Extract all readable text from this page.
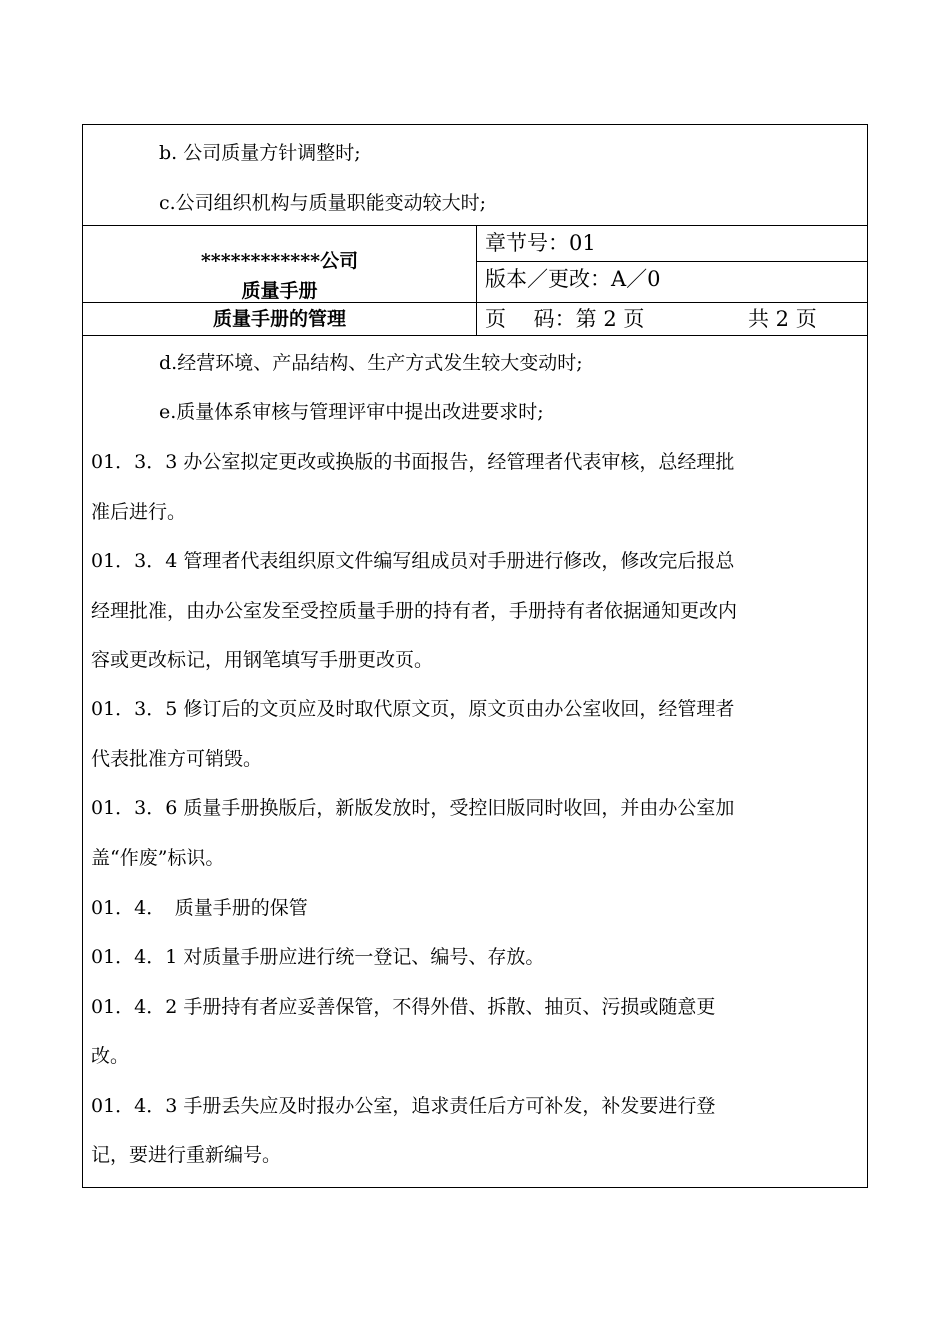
b. 公司质量方针调整时;
c.公司组织机构与质量职能变动较大时;
************公司
质量手册
质量手册的管理
章节号：01
版本／更改：A／0
页　 码：第 2 页	共 2 页
d.经营环境、产品结构、生产方式发生较大变动时;
e.质量体系审核与管理评审中提出改进要求时;
01．3．3 办公室拟定更改或换版的书面报告，经管理者代表审核，总经理批
准后进行。
01．3．4 管理者代表组织原文件编写组成员对手册进行修改，修改完后报总
经理批准，由办公室发至受控质量手册的持有者，手册持有者依据通知更改内
容或更改标记，用钢笔填写手册更改页。
01．3．5 修订后的文页应及时取代原文页，原文页由办公室收回，经管理者
代表批准方可销毁。
01．3．6 质量手册换版后，新版发放时，受控旧版同时收回，并由办公室加
盖“作废”标识。
01．4．　质量手册的保管
01．4．1 对质量手册应进行统一登记、编号、存放。
01．4．2 手册持有者应妥善保管，不得外借、拆散、抽页、污损或随意更
改。
01．4．3 手册丢失应及时报办公室，追求责任后方可补发，补发要进行登
记，要进行重新编号。
